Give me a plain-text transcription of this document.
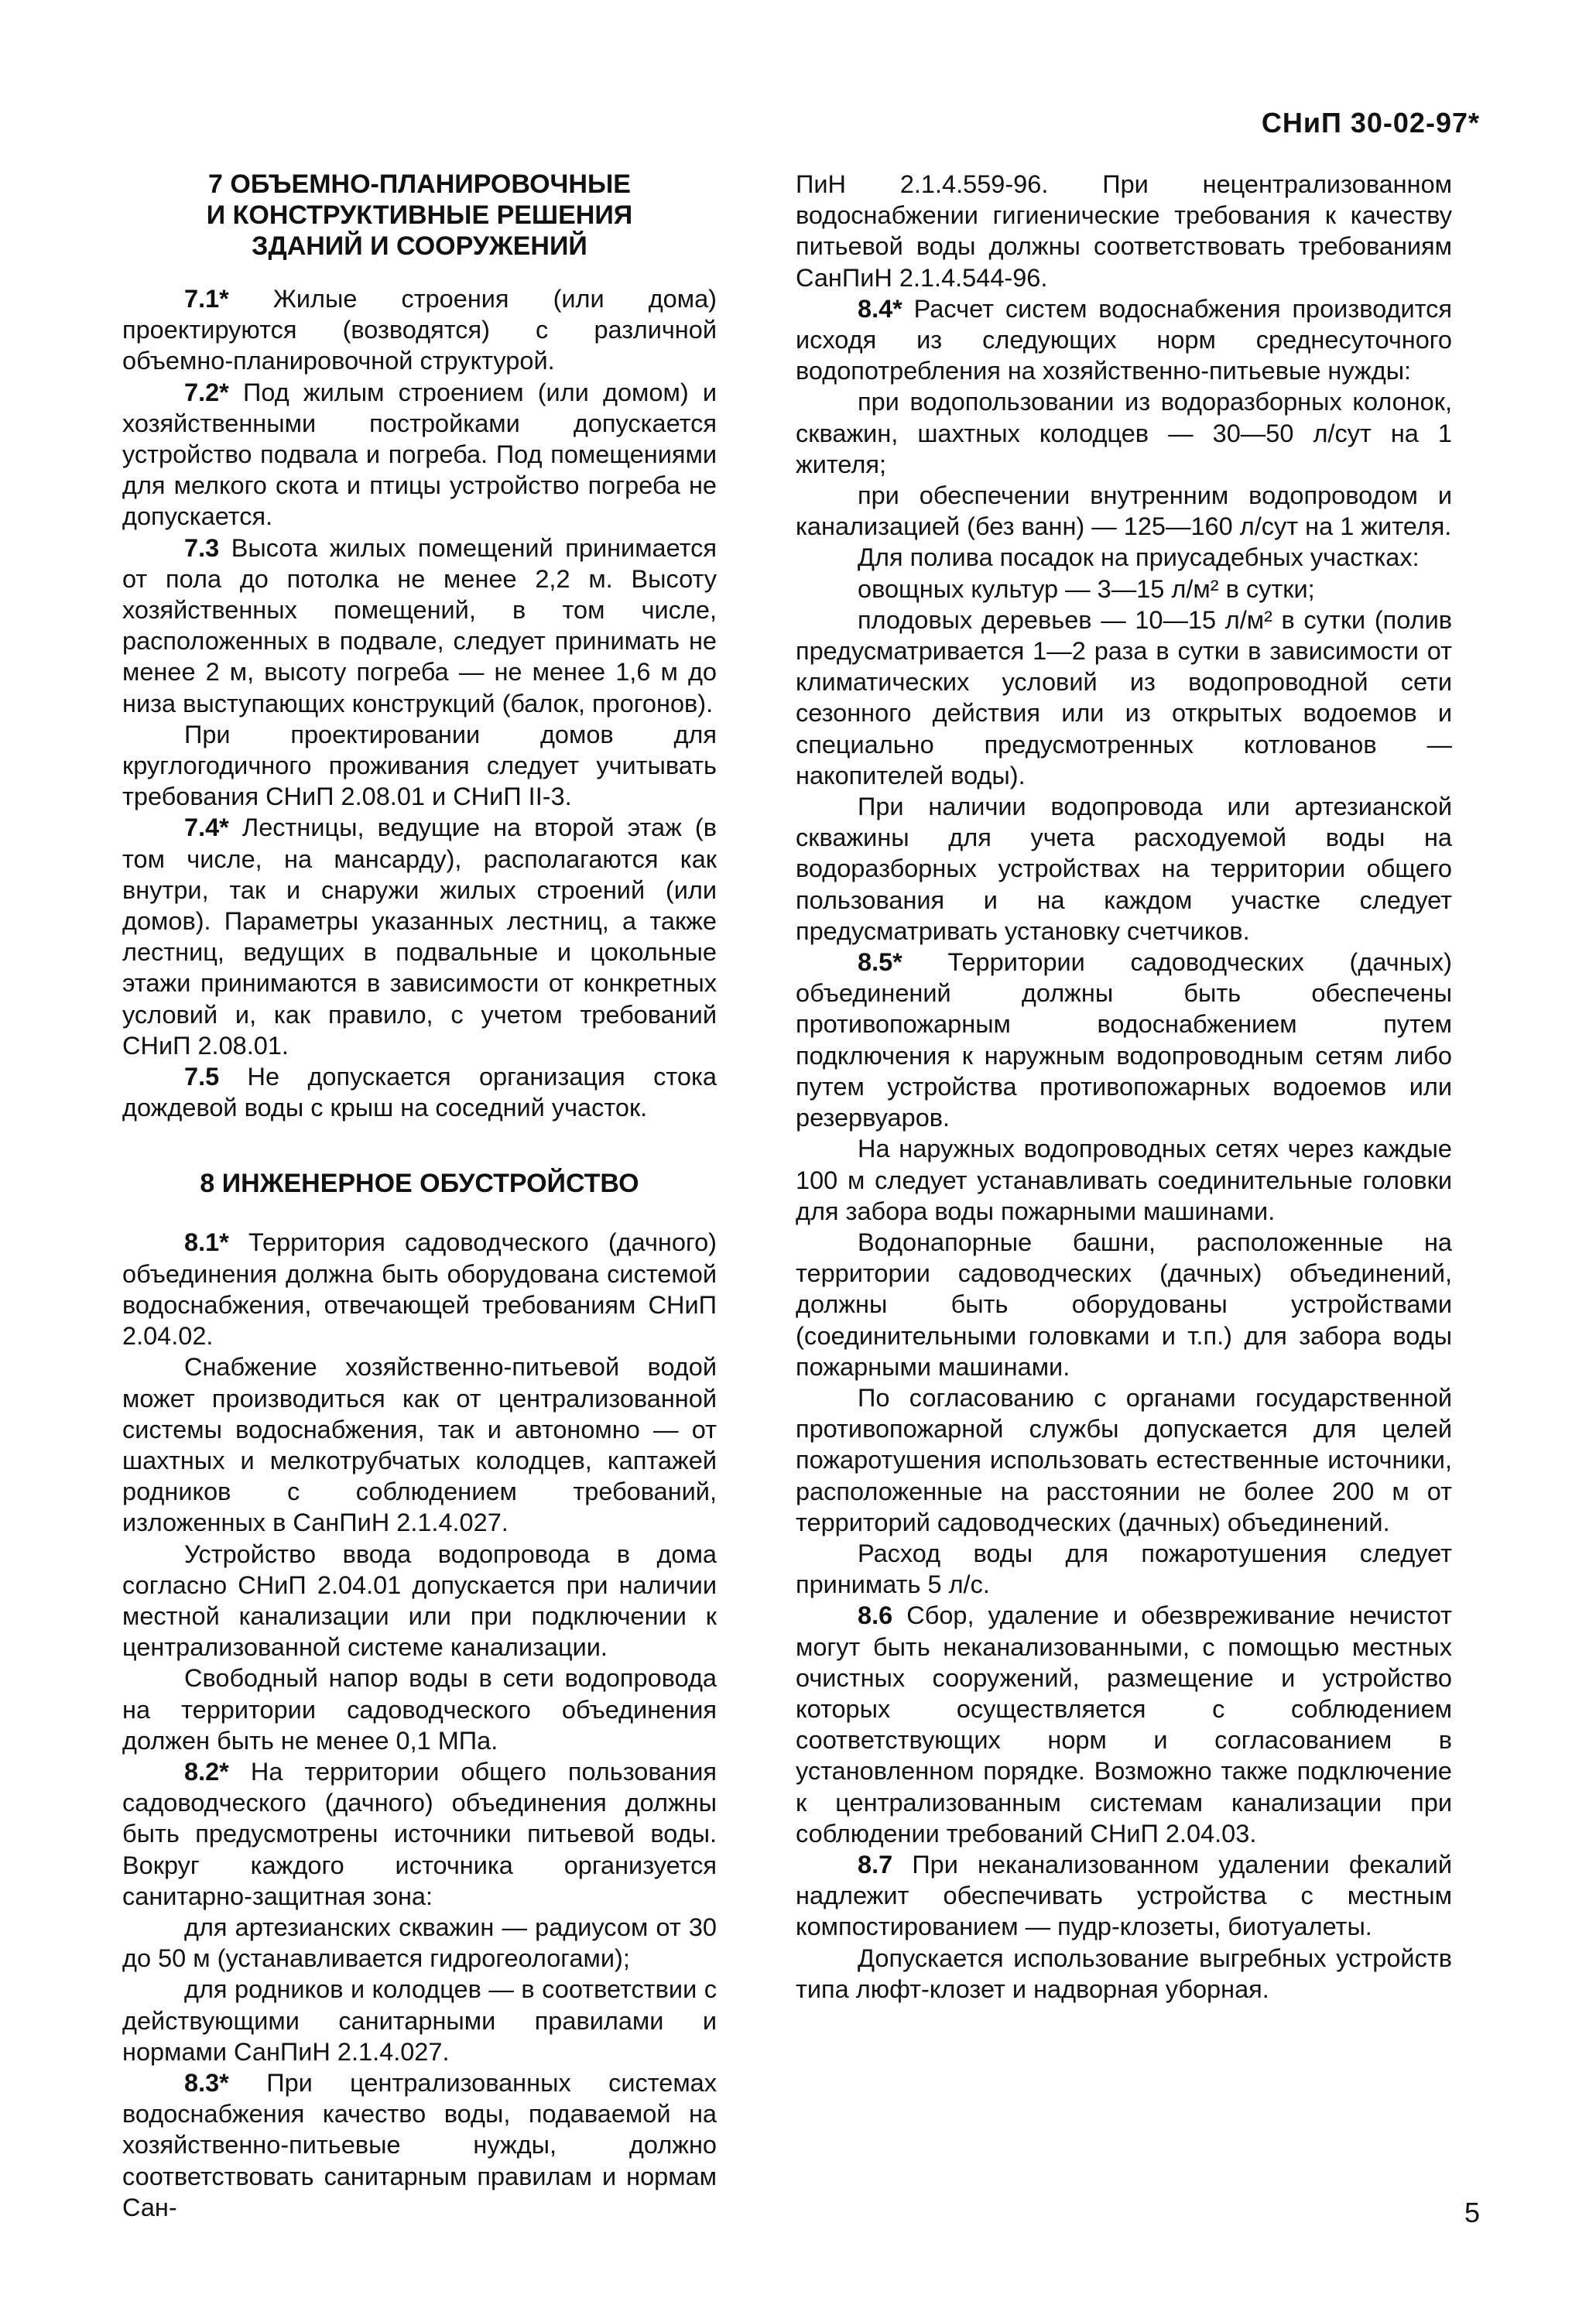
СНиП 30-02-97*
7 ОБЪЕМНО-ПЛАНИРОВОЧНЫЕ
И КОНСТРУКТИВНЫЕ РЕШЕНИЯ
ЗДАНИЙ И СООРУЖЕНИЙ

7.1* Жилые строения (или дома) проектируются (возводятся) с различной объемно-планировочной структурой.

7.2* Под жилым строением (или домом) и хозяйственными постройками допускается устройство подвала и погреба. Под помещениями для мелкого скота и птицы устройство погреба не допускается.

7.3 Высота жилых помещений принимается от пола до потолка не менее 2,2 м. Высоту хозяйственных помещений, в том числе, расположенных в подвале, следует принимать не менее 2 м, высоту погреба — не менее 1,6 м до низа выступающих конструкций (балок, прогонов).

При проектировании домов для круглогодичного проживания следует учитывать требования СНиП 2.08.01 и СНиП II-3.

7.4* Лестницы, ведущие на второй этаж (в том числе, на мансарду), располагаются как внутри, так и снаружи жилых строений (или домов). Параметры указанных лестниц, а также лестниц, ведущих в подвальные и цокольные этажи принимаются в зависимости от конкретных условий и, как правило, с учетом требований СНиП 2.08.01.

7.5 Не допускается организация стока дождевой воды с крыш на соседний участок.

8 ИНЖЕНЕРНОЕ ОБУСТРОЙСТВО

8.1* Территория садоводческого (дачного) объединения должна быть оборудована системой водоснабжения, отвечающей требованиям СНиП 2.04.02.

Снабжение хозяйственно-питьевой водой может производиться как от централизованной системы водоснабжения, так и автономно — от шахтных и мелкотрубчатых колодцев, каптажей родников с соблюдением требований, изложенных в СанПиН 2.1.4.027.

Устройство ввода водопровода в дома согласно СНиП 2.04.01 допускается при наличии местной канализации или при подключении к централизованной системе канализации.

Свободный напор воды в сети водопровода на территории садоводческого объединения должен быть не менее 0,1 МПа.

8.2* На территории общего пользования садоводческого (дачного) объединения должны быть предусмотрены источники питьевой воды. Вокруг каждого источника организуется санитарно-защитная зона:

для артезианских скважин — радиусом от 30 до 50 м (устанавливается гидрогеологами);

для родников и колодцев — в соответствии с действующими санитарными правилами и нормами СанПиН 2.1.4.027.

8.3* При централизованных системах водоснабжения качество воды, подаваемой на хозяйственно-питьевые нужды, должно соответствовать санитарным правилам и нормам Сан-

ПиН 2.1.4.559-96. При нецентрализованном водоснабжении гигиенические требования к качеству питьевой воды должны соответствовать требованиям СанПиН 2.1.4.544-96.

8.4* Расчет систем водоснабжения производится исходя из следующих норм среднесуточного водопотребления на хозяйственно-питьевые нужды:

при водопользовании из водоразборных колонок, скважин, шахтных колодцев — 30—50 л/сут на 1 жителя;

при обеспечении внутренним водопроводом и канализацией (без ванн) — 125—160 л/сут на 1 жителя.

Для полива посадок на приусадебных участках:

овощных культур — 3—15 л/м² в сутки;

плодовых деревьев — 10—15 л/м² в сутки (полив предусматривается 1—2 раза в сутки в зависимости от климатических условий из водопроводной сети сезонного действия или из открытых водоемов и специально предусмотренных котлованов — накопителей воды).

При наличии водопровода или артезианской скважины для учета расходуемой воды на водоразборных устройствах на территории общего пользования и на каждом участке следует предусматривать установку счетчиков.

8.5* Территории садоводческих (дачных) объединений должны быть обеспечены противопожарным водоснабжением путем подключения к наружным водопроводным сетям либо путем устройства противопожарных водоемов или резервуаров.

На наружных водопроводных сетях через каждые 100 м следует устанавливать соединительные головки для забора воды пожарными машинами.

Водонапорные башни, расположенные на территории садоводческих (дачных) объединений, должны быть оборудованы устройствами (соединительными головками и т.п.) для забора воды пожарными машинами.

По согласованию с органами государственной противопожарной службы допускается для целей пожаротушения использовать естественные источники, расположенные на расстоянии не более 200 м от территорий садоводческих (дачных) объединений.

Расход воды для пожаротушения следует принимать 5 л/с.

8.6 Сбор, удаление и обезвреживание нечистот могут быть неканализованными, с помощью местных очистных сооружений, размещение и устройство которых осуществляется с соблюдением соответствующих норм и согласованием в установленном порядке. Возможно также подключение к централизованным системам канализации при соблюдении требований СНиП 2.04.03.

8.7 При неканализованном удалении фекалий надлежит обеспечивать устройства с местным компостированием — пудр-клозеты, биотуалеты.

Допускается использование выгребных устройств типа люфт-клозет и надворная уборная.

5
